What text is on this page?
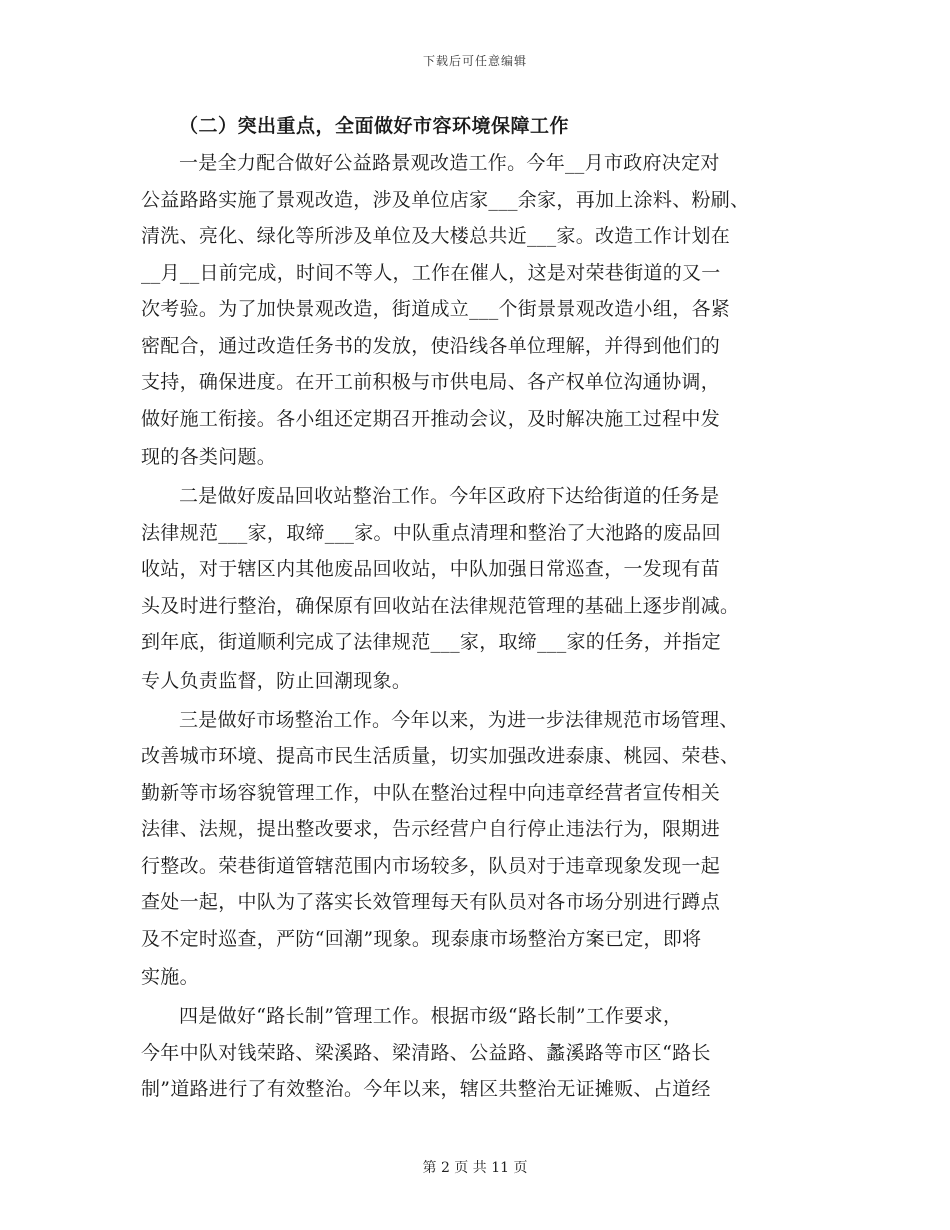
下载后可任意编辑
（二）突出重点，全面做好市容环境保障工作
一是全力配合做好公益路景观改造工作。今年__月市政府决定对
公益路路实施了景观改造，涉及单位店家___余家，再加上涂料、粉刷、
清洗、亮化、绿化等所涉及单位及大楼总共近___家。改造工作计划在
__月__日前完成，时间不等人，工作在催人，这是对荣巷街道的又一
次考验。为了加快景观改造，街道成立___个街景景观改造小组，各紧
密配合，通过改造任务书的发放，使沿线各单位理解，并得到他们的
支持，确保进度。在开工前积极与市供电局、各产权单位沟通协调，
做好施工衔接。各小组还定期召开推动会议，及时解决施工过程中发
现的各类问题。
二是做好废品回收站整治工作。今年区政府下达给街道的任务是
法律规范___家，取缔___家。中队重点清理和整治了大池路的废品回
收站，对于辖区内其他废品回收站，中队加强日常巡查，一发现有苗
头及时进行整治，确保原有回收站在法律规范管理的基础上逐步削减。
到年底，街道顺利完成了法律规范___家，取缔___家的任务，并指定
专人负责监督，防止回潮现象。
三是做好市场整治工作。今年以来，为进一步法律规范市场管理、
改善城市环境、提高市民生活质量，切实加强改进泰康、桃园、荣巷、
勤新等市场容貌管理工作，中队在整治过程中向违章经营者宣传相关
法律、法规，提出整改要求，告示经营户自行停止违法行为，限期进
行整改。荣巷街道管辖范围内市场较多，队员对于违章现象发现一起
查处一起，中队为了落实长效管理每天有队员对各市场分别进行蹲点
及不定时巡查，严防“回潮”现象。现泰康市场整治方案已定，即将
实施。
四是做好“路长制”管理工作。根据市级“路长制”工作要求，
今年中队对钱荣路、梁溪路、梁清路、公益路、蠡溪路等市区“路长
制”道路进行了有效整治。今年以来，辖区共整治无证摊贩、占道经
第 2 页 共 11 页
